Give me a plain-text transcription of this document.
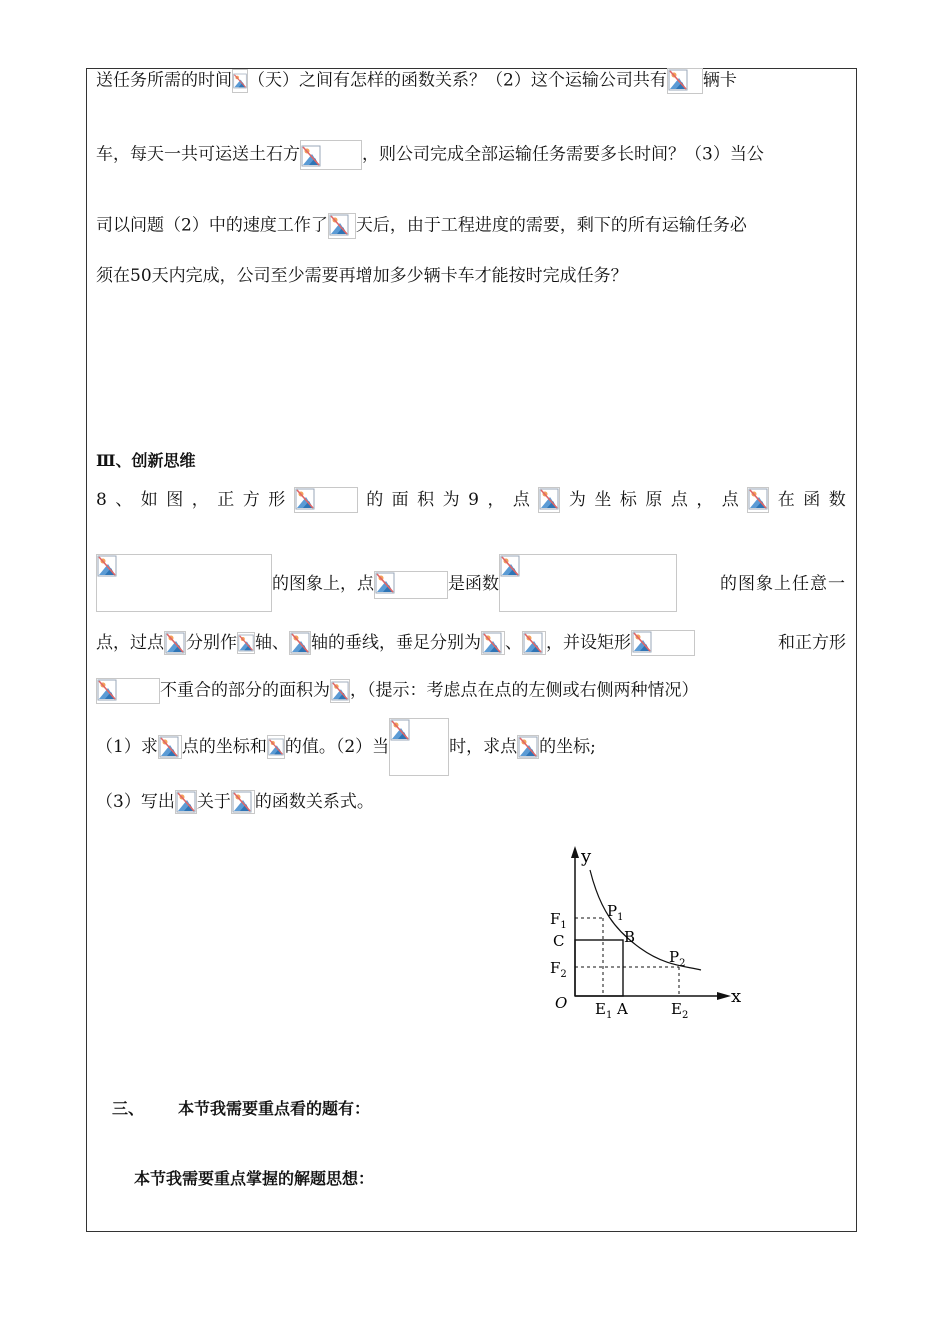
送任务所需的时间 （天）之间有怎样的函数关系？（2）这个运输公司共有 辆卡
车，每天一共可运送土石方	，则公司完成全部运输任务需要多长时间？（3）当公
司以问题（2）中的速度工作了 天后，由于工程进度的需要，剩下的所有运输任务必
须在50天内完成，公司至少需要再增加多少辆卡车才能按时完成任务？
Ⅲ、创新思维
8 、 如 图 ， 正 方 形	的 面 积 为 9 ， 点 为 坐 标 原 点 ， 点 在 函 数
的图象上，点	是函数	的图象上任意一
点，过点 分别作 轴、 轴的垂线，垂足分别为 、 ，并设矩形	和正方形
不重合的部分的面积为 ，（提示：考虑点在点的左侧或右侧两种情况）
（1）求 点的坐标和 的值。（2）当	时，求点 的坐标;
（3）写出 关于 的函数关系式。
y
x
O
$F_1$
C
$F_2$
$P_1$
B
$P_2$
$E_1$ A	$E_2$
三、 本节我需要重点看的题有：
本节我需要重点掌握的解题思想：
